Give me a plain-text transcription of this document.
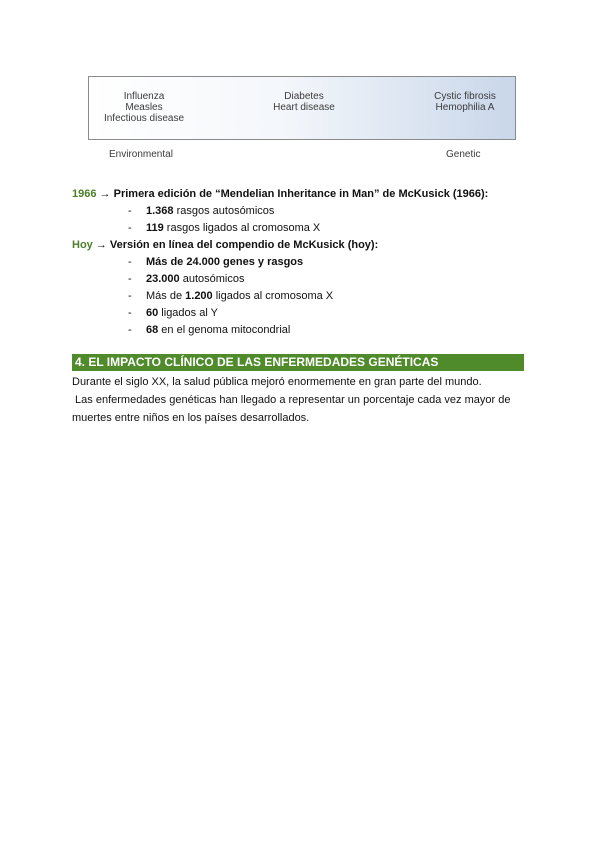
Influenza
Measles
Infectious disease
Diabetes
Heart disease
Cystic fibrosis
Hemophilia A
Environmental	Genetic
1966 → Primera edición de “Mendelian Inheritance in Man” de McKusick (1966):
- 1.368 rasgos autosómicos
- 119 rasgos ligados al cromosoma X
Hoy → Versión en línea del compendio de McKusick (hoy):
- Más de 24.000 genes y rasgos
- 23.000 autosómicos
- Más de 1.200 ligados al cromosoma X
- 60 ligados al Y
- 68 en el genoma mitocondrial
4. EL IMPACTO CLÍNICO DE LAS ENFERMEDADES GENÉTICAS
Durante el siglo XX, la salud pública mejoró enormemente en gran parte del mundo.
Las enfermedades genéticas han llegado a representar un porcentaje cada vez mayor de
muertes entre niños en los países desarrollados.
